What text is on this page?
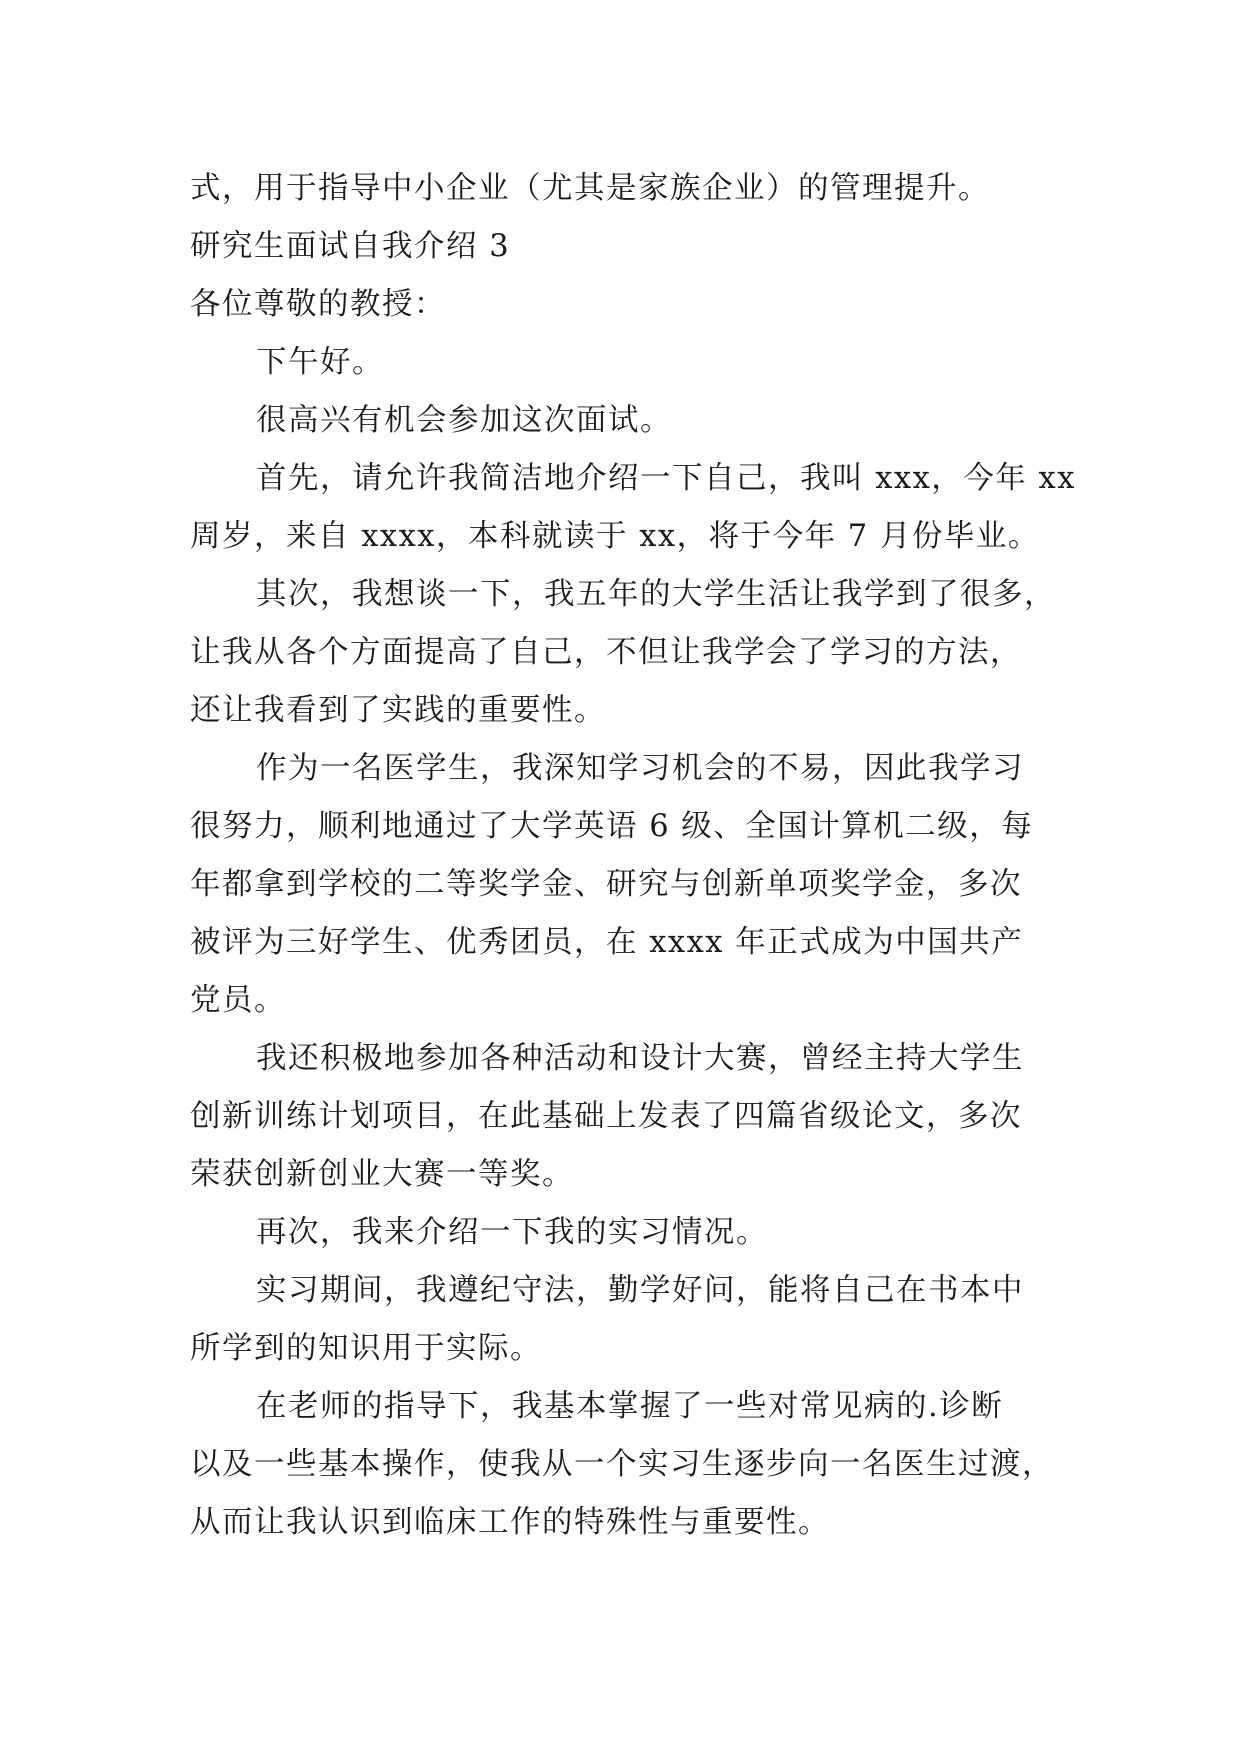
式，用于指导中小企业（尤其是家族企业）的管理提升。
研究生面试自我介绍 3
各位尊敬的教授：
下午好。
很高兴有机会参加这次面试。
首先，请允许我简洁地介绍一下自己，我叫 xxx，今年 xx
周岁，来自 xxxx，本科就读于 xx，将于今年 7 月份毕业。
其次，我想谈一下，我五年的大学生活让我学到了很多，
让我从各个方面提高了自己，不但让我学会了学习的方法，
还让我看到了实践的重要性。
作为一名医学生，我深知学习机会的不易，因此我学习
很努力，顺利地通过了大学英语 6 级、全国计算机二级，每
年都拿到学校的二等奖学金、研究与创新单项奖学金，多次
被评为三好学生、优秀团员，在 xxxx 年正式成为中国共产
党员。
我还积极地参加各种活动和设计大赛，曾经主持大学生
创新训练计划项目，在此基础上发表了四篇省级论文，多次
荣获创新创业大赛一等奖。
再次，我来介绍一下我的实习情况。
实习期间，我遵纪守法，勤学好问，能将自己在书本中
所学到的知识用于实际。
在老师的指导下，我基本掌握了一些对常见病的.诊断
以及一些基本操作，使我从一个实习生逐步向一名医生过渡，
从而让我认识到临床工作的特殊性与重要性。
